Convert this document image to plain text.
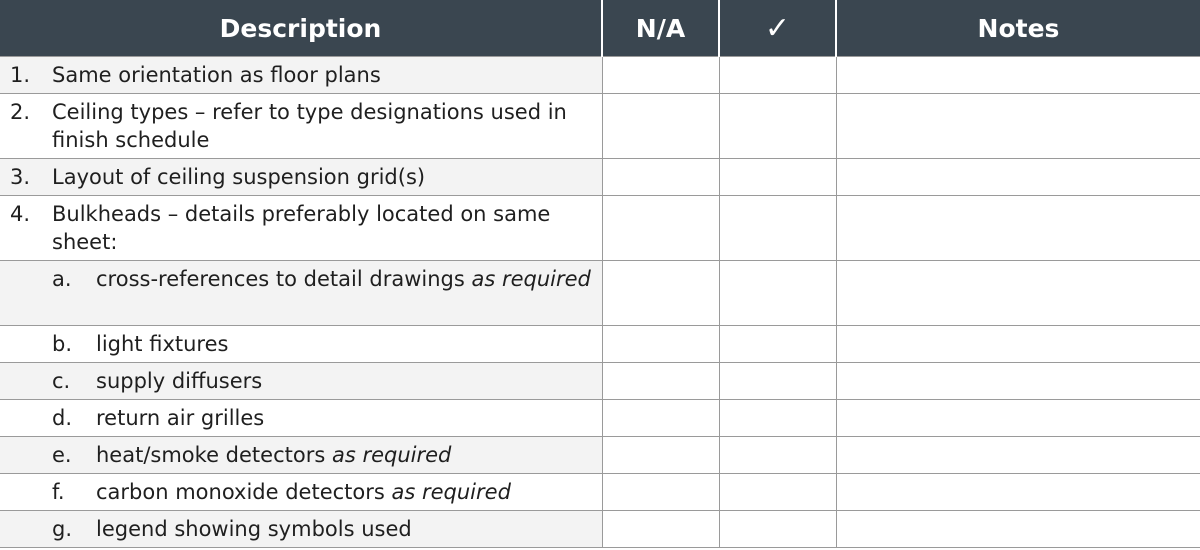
Description	N/A	✓	Notes

1. Same orientation as floor plans			

2. Ceiling types – refer to type designations used in finish schedule			

3. Layout of ceiling suspension grid(s)			

4. Bulkheads – details preferably located on same sheet:			

a. cross-references to detail drawings as required			

b. light fixtures			

c. supply diffusers			

d. return air grilles			

e. heat/smoke detectors as required			

f. carbon monoxide detectors as required			

g. legend showing symbols used			
